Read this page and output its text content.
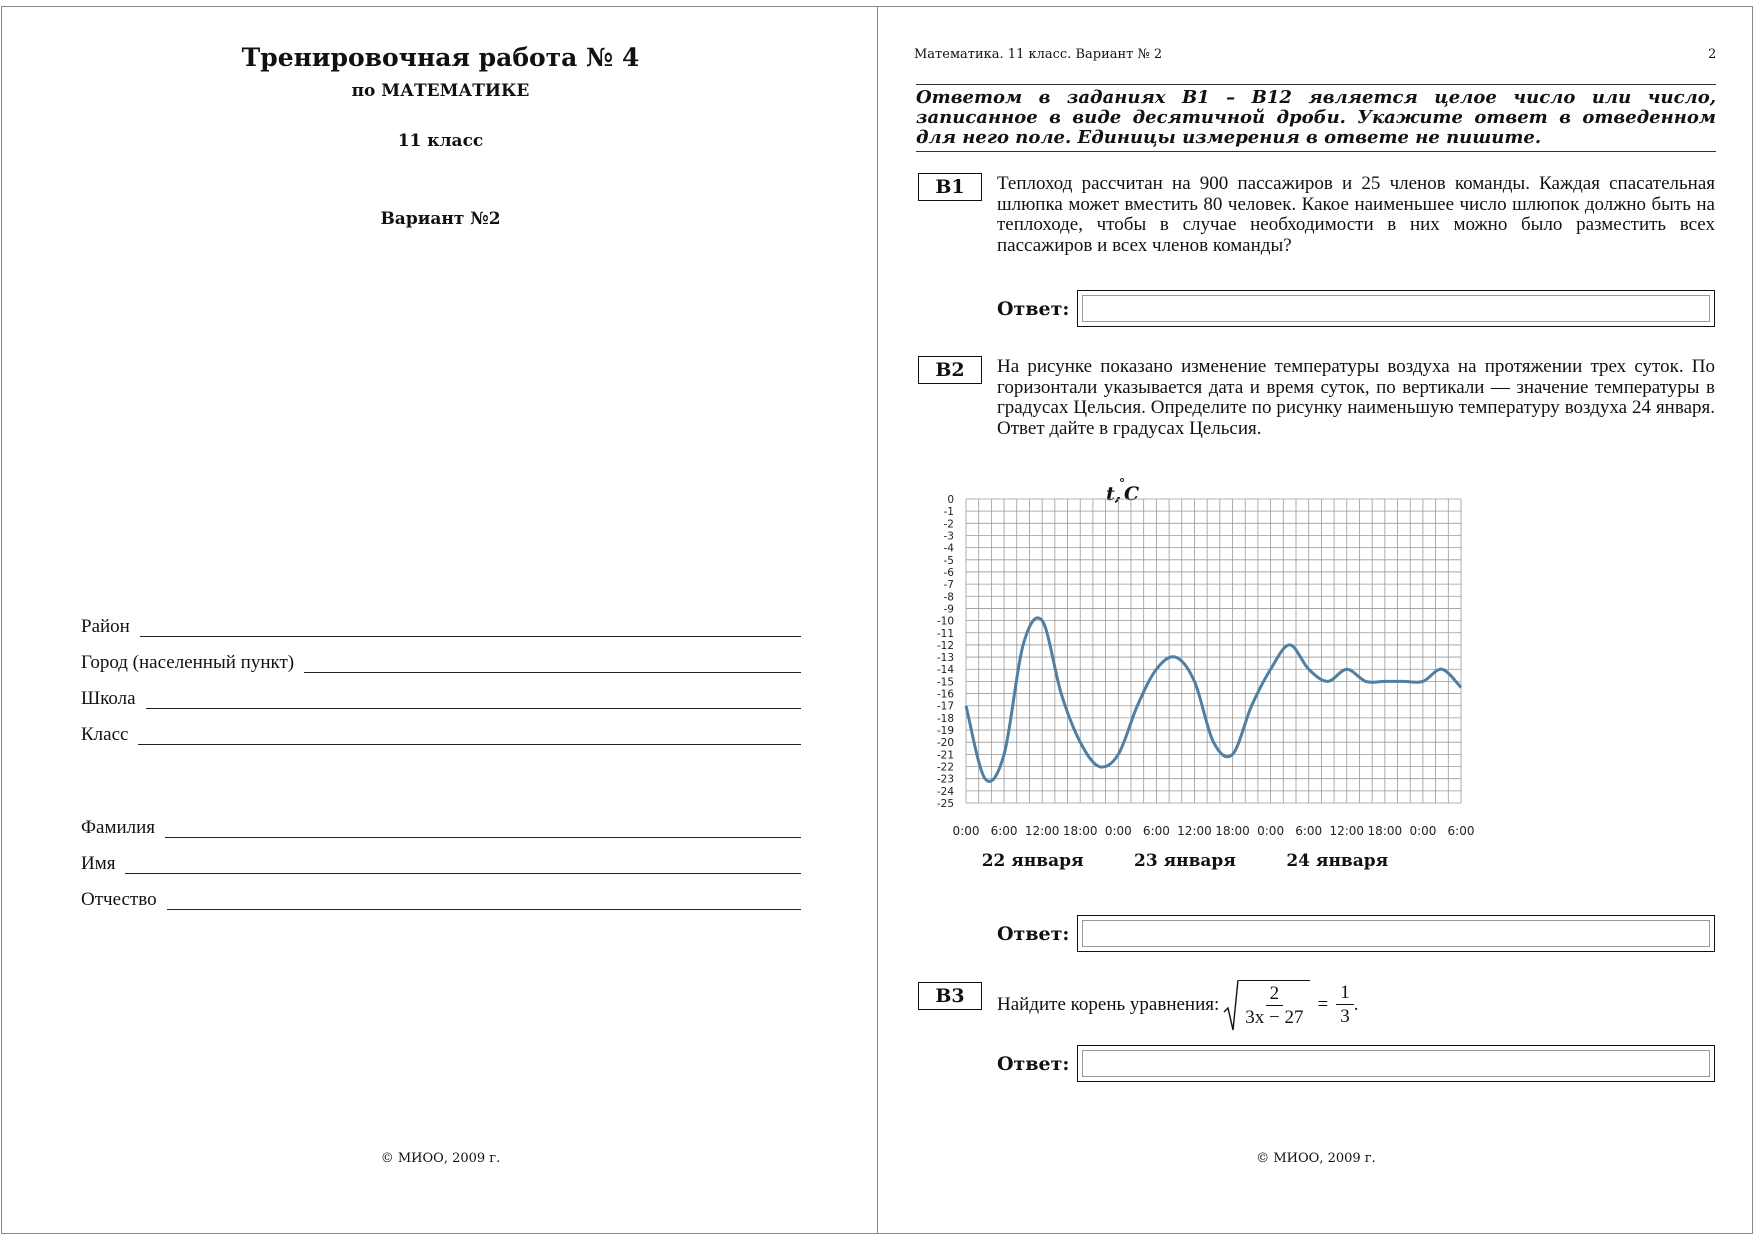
Тренировочная работа № 4
по МАТЕМАТИКЕ
11 класс
Вариант №2
Район
Город (населенный пункт)
Школа
Класс
Фамилия
Имя
Отчество
© МИОО, 2009 г.
Математика. 11 класс. Вариант № 2	2
Ответом в заданиях B1 – B12 является целое число или число, записанное в виде десятичной дроби. Укажите ответ в отведенном для него поле. Единицы измерения в ответе не пишите.
B1	Теплоход рассчитан на 900 пассажиров и 25 членов команды. Каждая спасательная шлюпка может вместить 80 человек. Какое наименьшее число шлюпок должно быть на теплоходе, чтобы в случае необходимости в них можно было разместить всех пассажиров и всех членов команды?
Ответ:
B2	На рисунке показано изменение температуры воздуха на протяжении трех суток. По горизонтали указывается дата и время суток, по вертикали — значение температуры в градусах Цельсия. Определите по рисунку наименьшую температуру воздуха 24 января. Ответ дайте в градусах Цельсия.
t,
° C
0
-1
-2
-3
-4
-5
-6
-7
-8
-9
-10
-11
-12
-13
-14
-15
-16
-17
-18
-19
-20
-21
-22
-23
-24
-25
0:00 6:00 12:00 18:00 0:00 6:00 12:00 18:00 0:00 6:00 12:00 18:00 0:00 6:00
22 января	23 января	24 января
Ответ:
B3	Найдите корень уравнения: $\frac{2}{3x - 27} = \frac{1}{3}$ .
Ответ:
© МИОО, 2009 г.
